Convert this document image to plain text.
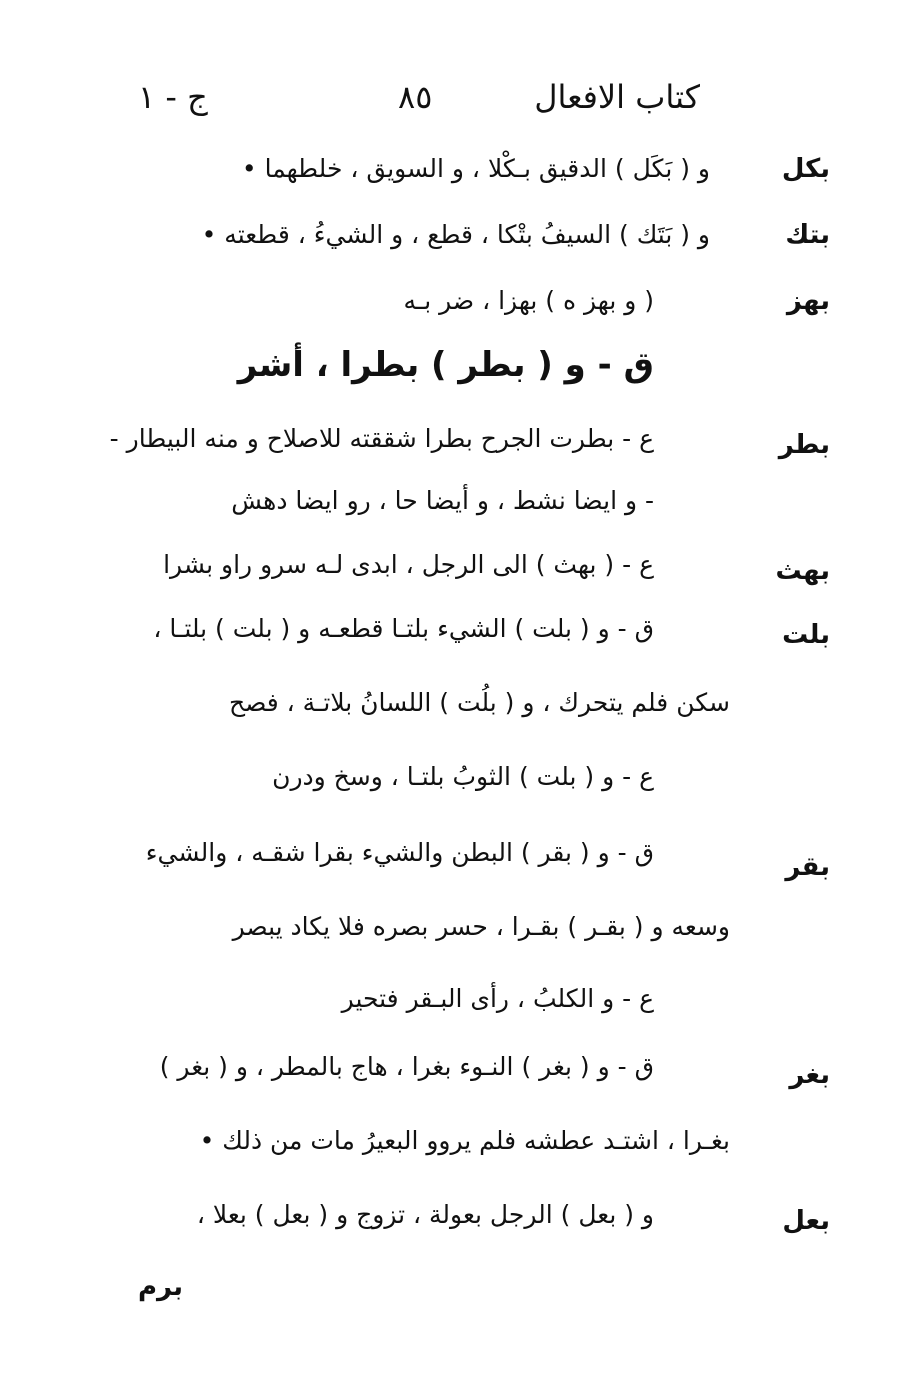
كتاب الافعال
٨٥
ج - ١
بكل
و ( بَكَل ) الدقيق بـكْلا ، و السويق ، خلطهما •
بتك
و ( بَتَك ) السيفُ بتْكا ، قطع ، و الشيءُ ، قطعته •
بهز
( و بهز ه ) بهزا ، ضر بـه
ق - و ( بطر ) بطرا ، أشر
بطر
ع - بطرت الجرح بطرا شققته للاصلاح و منه البيطار -
- و ايضا نشط ، و أيضا حا ، رو ايضا دهش
بهث
ع - ( بهث ) الى الرجل ، ابدى لـه سرو راو بشرا
بلت
ق - و ( بلت ) الشيء بلتـا قطعـه و ( بلت ) بلتـا ،
سكن فلم يتحرك ، و ( بلُت ) اللسانُ بلاتـة ، فصح
ع - و ( بلت ) الثوبُ بلتـا ، وسخ ودرن
بقر
ق - و ( بقر ) البطن والشيء بقرا شقـه ، والشيء
وسعه و ( بقـر ) بقـرا ، حسر بصره فلا يكاد يبصر
ع - و الكلبُ ، رأى البـقر فتحير
بغر
ق - و ( بغر ) النـوء بغرا ، هاج بالمطر ، و ( بغر )
بغـرا ، اشتـد عطشه فلم يروو البعيرُ مات من ذلك •
بعل
و ( بعل ) الرجل بعولة ، تزوج و ( بعل ) بعلا ،
برم
